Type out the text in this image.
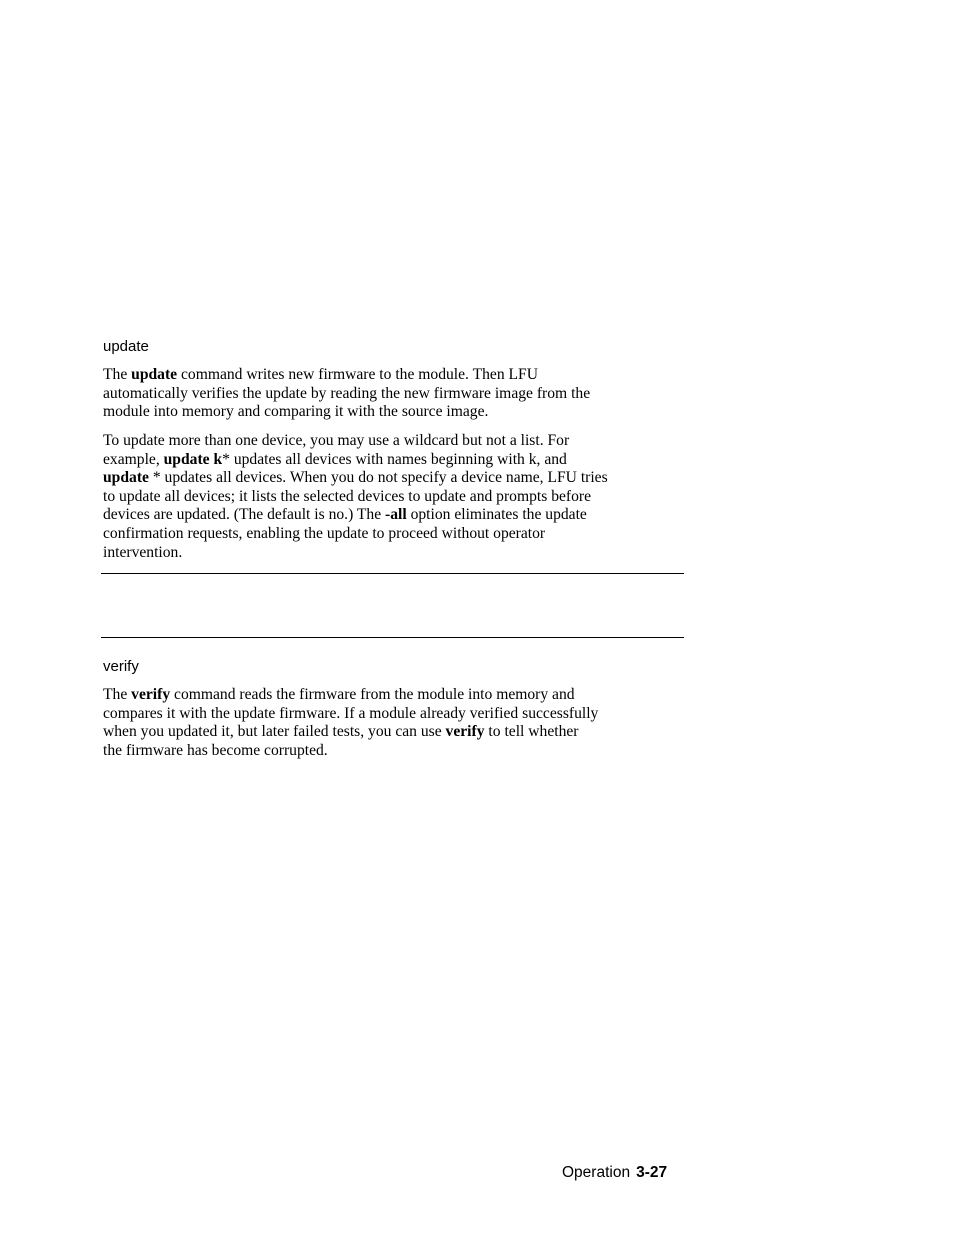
update

The update command writes new firmware to the module. Then LFU
automatically verifies the update by reading the new firmware image from the
module into memory and comparing it with the source image.

To update more than one device, you may use a wildcard but not a list. For
example, update k* updates all devices with names beginning with k, and
update * updates all devices. When you do not specify a device name, LFU tries
to update all devices; it lists the selected devices to update and prompts before
devices are updated. (The default is no.) The -all option eliminates the update
confirmation requests, enabling the update to proceed without operator
intervention.

verify

The verify command reads the firmware from the module into memory and
compares it with the update firmware. If a module already verified successfully
when you updated it, but later failed tests, you can use verify to tell whether
the firmware has become corrupted.

Operation 3-27
